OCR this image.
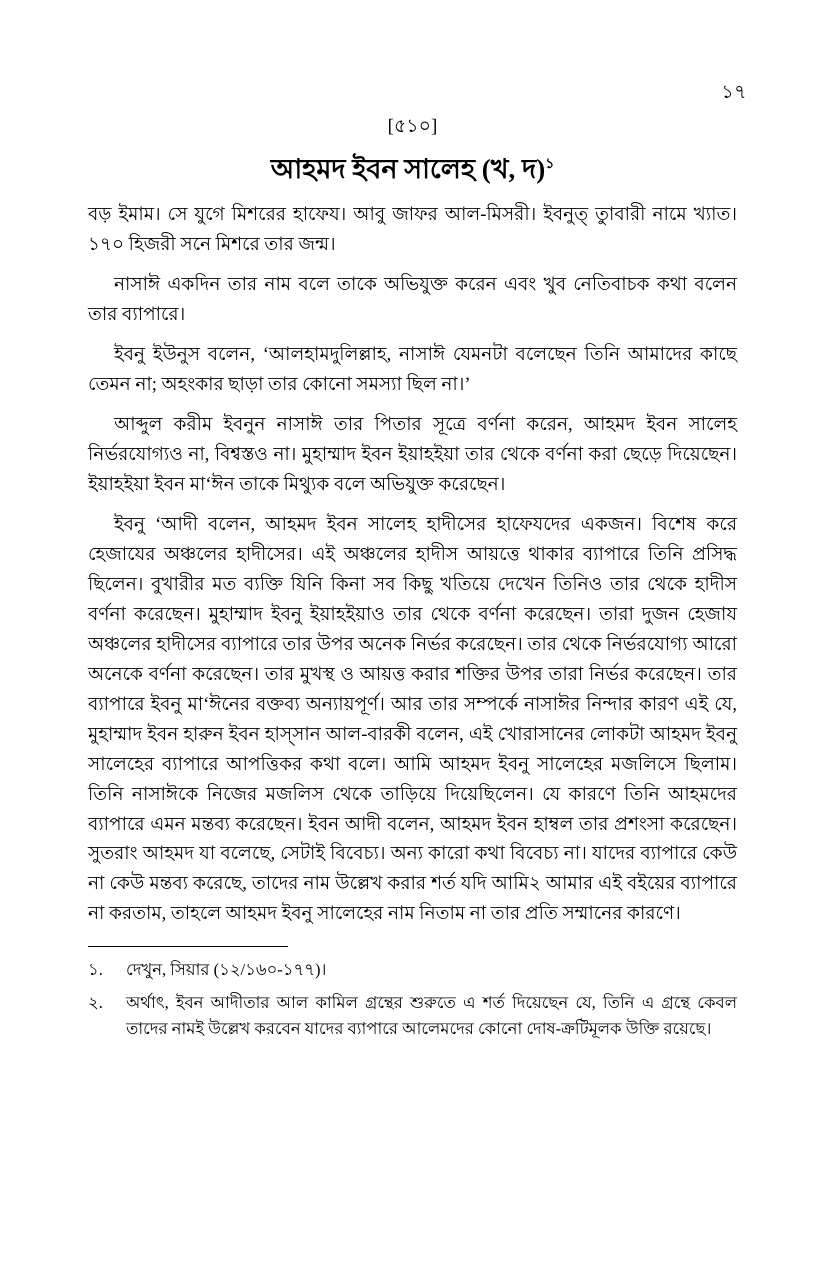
১৭
[৫১০]
আহমদ ইবন সালেহ (খ, দ)$^১$

বড় ইমাম। সে যুগে মিশরের হাফেয। আবু জাফর আল-মিসরী। ইবনুত্ তুাবারী নামে খ্যাত। ১৭০ হিজরী সনে মিশরে তার জন্ম।

নাসাঈ একদিন তার নাম বলে তাকে অভিযুক্ত করেন এবং খুব নেতিবাচক কথা বলেন তার ব্যাপারে।

ইবনু ইউনুস বলেন, ‘আলহামদুলিল্লাহ, নাসাঈ যেমনটা বলেছেন তিনি আমাদের কাছে তেমন না; অহংকার ছাড়া তার কোনো সমস্যা ছিল না।’

আব্দুল করীম ইবনুন নাসাঈ তার পিতার সূত্রে বর্ণনা করেন, আহমদ ইবন সালেহ নির্ভরযোগ্যও না, বিশ্বস্তও না। মুহাম্মাদ ইবন ইয়াহইয়া তার থেকে বর্ণনা করা ছেড়ে দিয়েছেন। ইয়াহইয়া ইবন মা‘ঈন তাকে মিথ্যুক বলে অভিযুক্ত করেছেন।

ইবনু ‘আদী বলেন, আহমদ ইবন সালেহ হাদীসের হাফেযদের একজন। বিশেষ করে হেজাযের অঞ্চলের হাদীসের। এই অঞ্চলের হাদীস আয়ত্তে থাকার ব্যাপারে তিনি প্রসিদ্ধ ছিলেন। বুখারীর মত ব্যক্তি যিনি কিনা সব কিছু খতিয়ে দেখেন তিনিও তার থেকে হাদীস বর্ণনা করেছেন। মুহাম্মাদ ইবনু ইয়াহইয়াও তার থেকে বর্ণনা করেছেন। তারা দুজন হেজায অঞ্চলের হাদীসের ব্যাপারে তার উপর অনেক নির্ভর করেছেন। তার থেকে নির্ভরযোগ্য আরো অনেকে বর্ণনা করেছেন। তার মুখস্থ ও আয়ত্ত করার শক্তির উপর তারা নির্ভর করেছেন। তার ব্যাপারে ইবনু মা‘ঈনের বক্তব্য অন্যায়পূর্ণ। আর তার সম্পর্কে নাসাঈর নিন্দার কারণ এই যে, মুহাম্মাদ ইবন হারুন ইবন হাস্সান আল-বারকী বলেন, এই খোরাসানের লোকটা আহমদ ইবনু সালেহের ব্যাপারে আপত্তিকর কথা বলে। আমি আহমদ ইবনু সালেহের মজলিসে ছিলাম। তিনি নাসাঈকে নিজের মজলিস থেকে তাড়িয়ে দিয়েছিলেন। যে কারণে তিনি আহমদের ব্যাপারে এমন মন্তব্য করেছেন। ইবন আদী বলেন, আহমদ ইবন হাম্বল তার প্রশংসা করেছেন। সুতরাং আহমদ যা বলেছে, সেটাই বিবেচ্য। অন্য কারো কথা বিবেচ্য না। যাদের ব্যাপারে কেউ না কেউ মন্তব্য করেছে, তাদের নাম উল্লেখ করার শর্ত যদি আমি২ আমার এই বইয়ের ব্যাপারে না করতাম, তাহলে আহমদ ইবনু সালেহের নাম নিতাম না তার প্রতি সম্মানের কারণে।

১.	দেখুন, সিয়ার (১২/১৬০-১৭৭)।
২.	অর্থাৎ, ইবন আদীতার আল কামিল গ্রন্থের শুরুতে এ শর্ত দিয়েছেন যে, তিনি এ গ্রন্থে কেবল তাদের নামই উল্লেখ করবেন যাদের ব্যাপারে আলেমদের কোনো দোষ-ক্রটিমূলক উক্তি রয়েছে।
